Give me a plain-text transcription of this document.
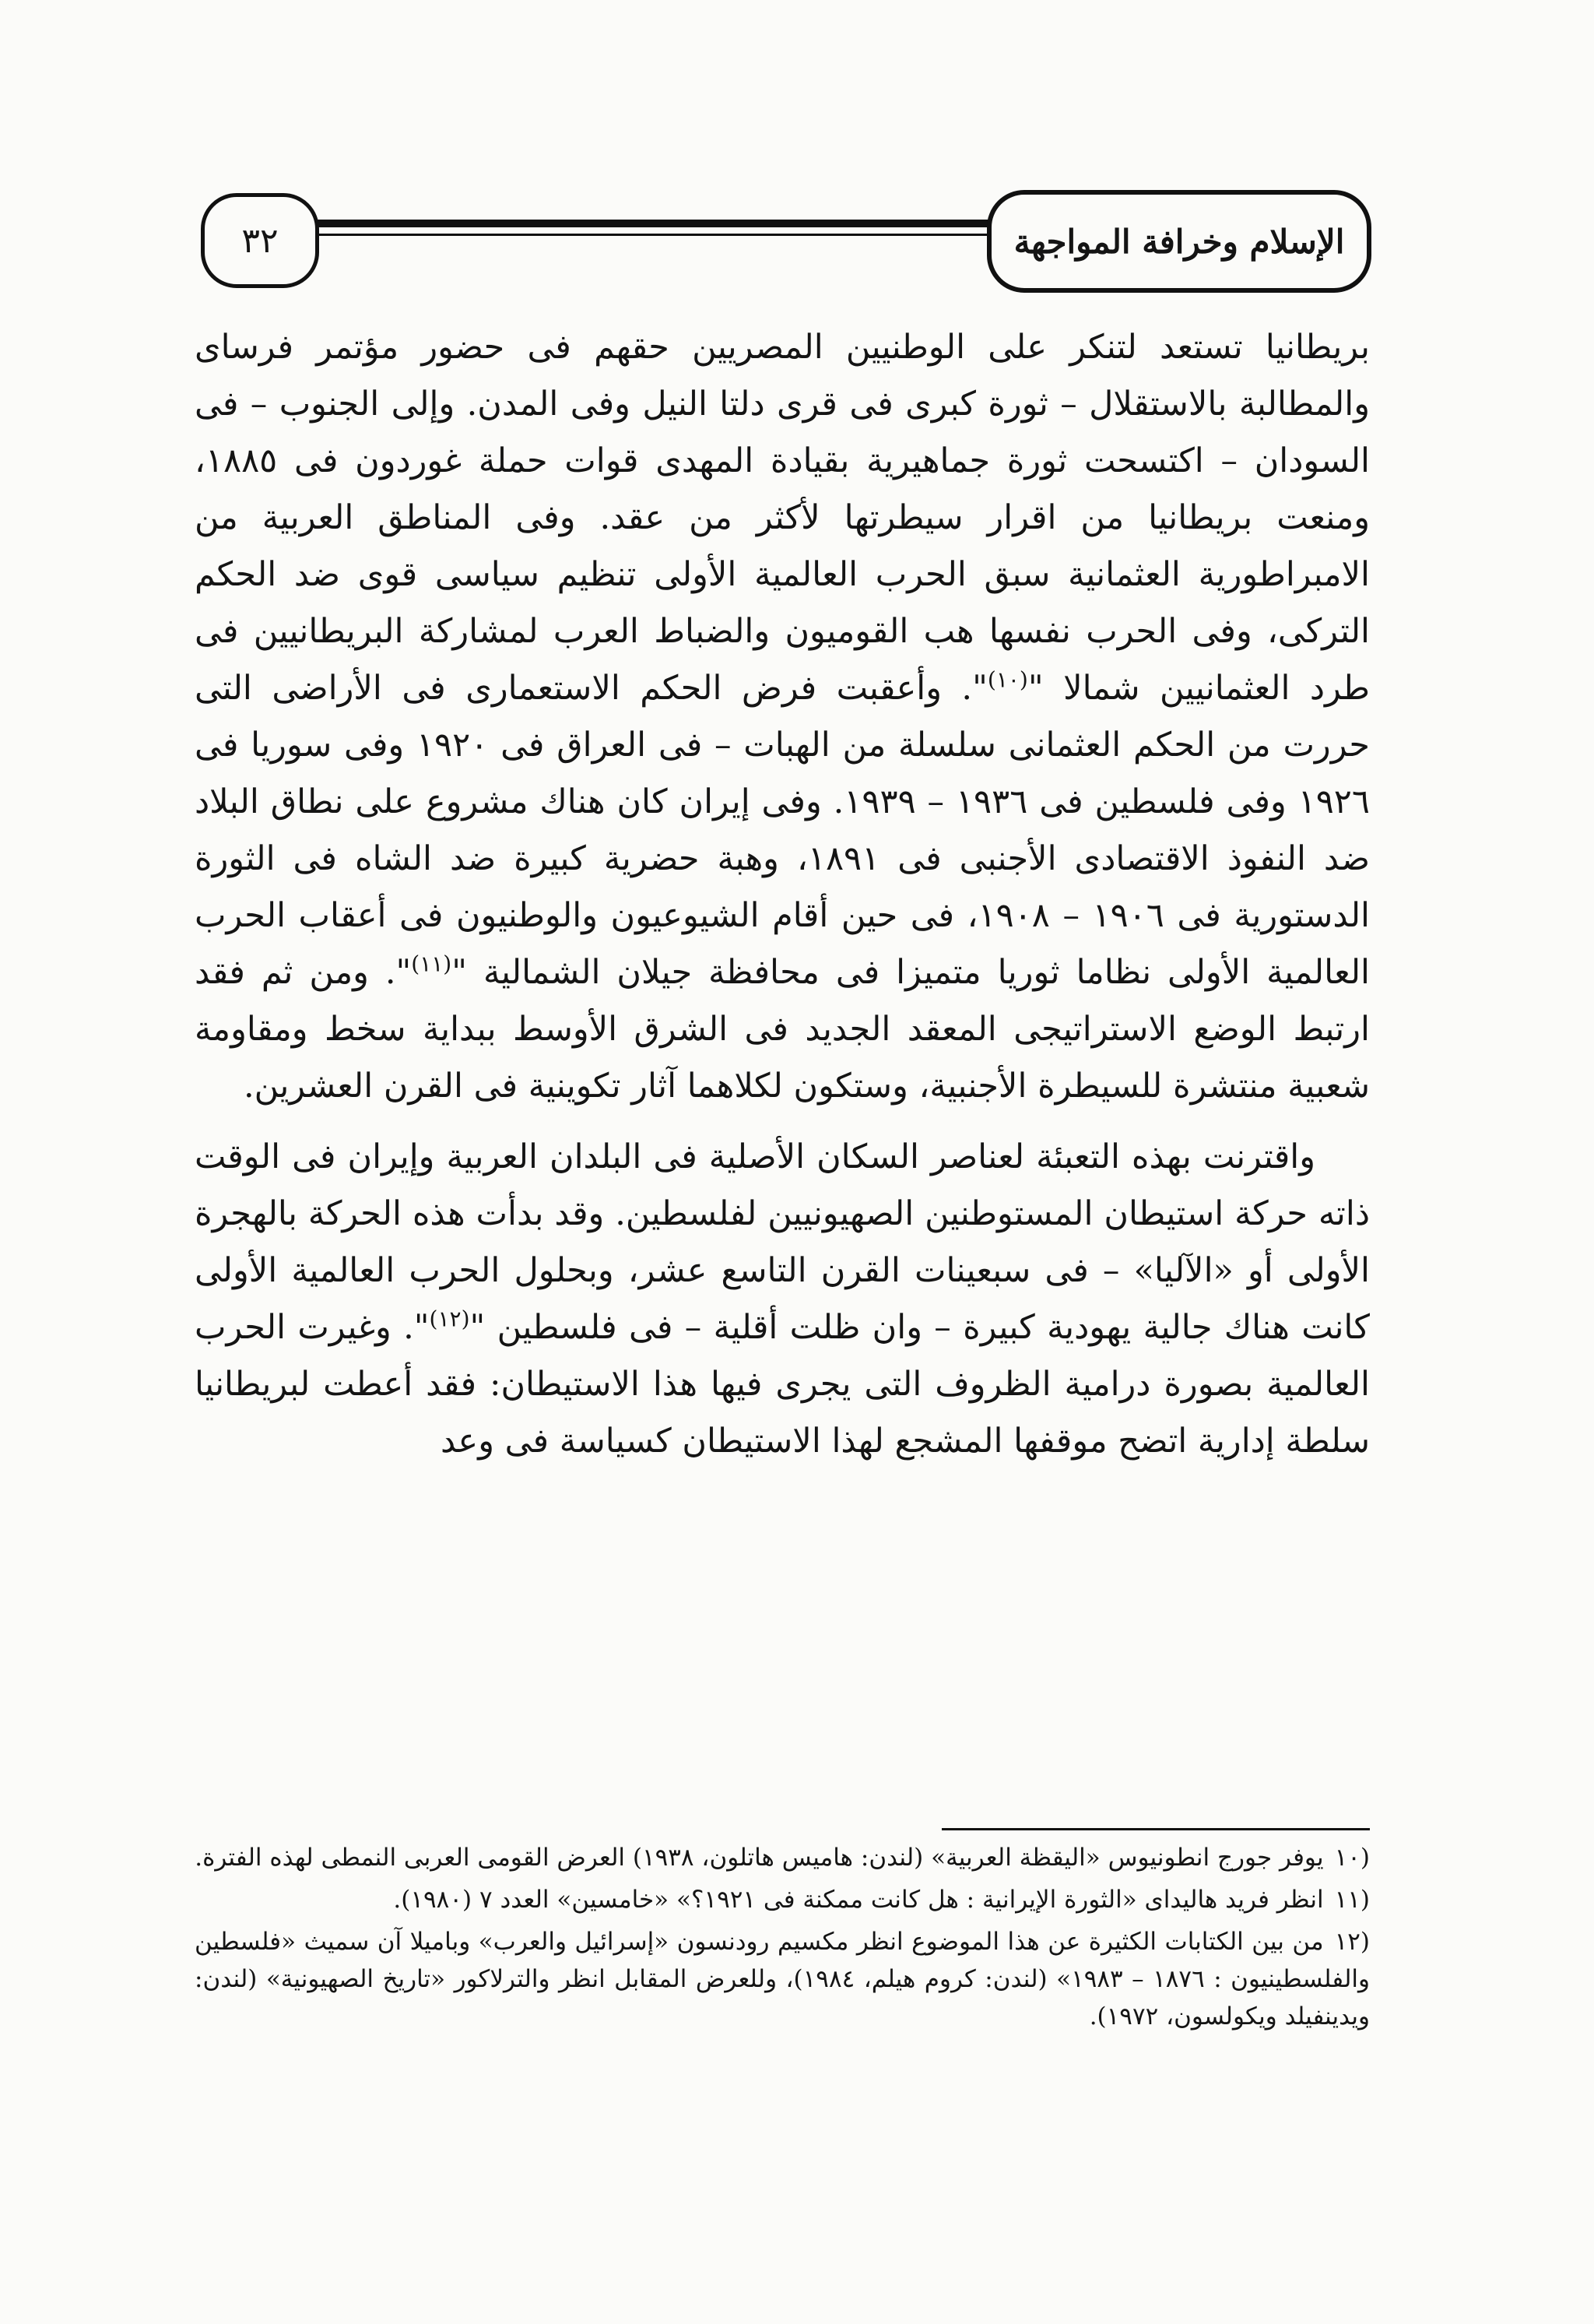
٣٢	الإسلام وخرافة المواجهة

بريطانيا تستعد لتنكر على الوطنيين المصريين حقهم فى حضور مؤتمر فرساى والمطالبة بالاستقلال – ثورة كبرى فى قرى دلتا النيل وفى المدن. وإلى الجنوب – فى السودان – اكتسحت ثورة جماهيرية بقيادة المهدى قوات حملة غوردون فى ١٨٨٥، ومنعت بريطانيا من اقرار سيطرتها لأكثر من عقد. وفى المناطق العربية من الامبراطورية العثمانية سبق الحرب العالمية الأولى تنظيم سياسى قوى ضد الحكم التركى، وفى الحرب نفسها هب القوميون والضباط العرب لمشاركة البريطانيين فى طرد العثمانيين شمالا "$^{(١٠)}$". وأعقبت فرض الحكم الاستعمارى فى الأراضى التى حررت من الحكم العثمانى سلسلة من الهبات – فى العراق فى ١٩٢٠ وفى سوريا فى ١٩٢٦ وفى فلسطين فى ١٩٣٦ – ١٩٣٩. وفى إيران كان هناك مشروع على نطاق البلاد ضد النفوذ الاقتصادى الأجنبى فى ١٨٩١، وهبة حضرية كبيرة ضد الشاه فى الثورة الدستورية فى ١٩٠٦ – ١٩٠٨، فى حين أقام الشيوعيون والوطنيون فى أعقاب الحرب العالمية الأولى نظاما ثوريا متميزا فى محافظة جيلان الشمالية "$^{(١١)}$". ومن ثم فقد ارتبط الوضع الاستراتيجى المعقد الجديد فى الشرق الأوسط ببداية سخط ومقاومة شعبية منتشرة للسيطرة الأجنبية، وستكون لكلاهما آثار تكوينية فى القرن العشرين.

واقترنت بهذه التعبئة لعناصر السكان الأصلية فى البلدان العربية وإيران فى الوقت ذاته حركة استيطان المستوطنين الصهيونيين لفلسطين. وقد بدأت هذه الحركة بالهجرة الأولى أو «الآليا» – فى سبعينات القرن التاسع عشر، وبحلول الحرب العالمية الأولى كانت هناك جالية يهودية كبيرة – وان ظلت أقلية – فى فلسطين "$^{(١٢)}$". وغيرت الحرب العالمية بصورة درامية الظروف التى يجرى فيها هذا الاستيطان: فقد أعطت لبريطانيا سلطة إدارية اتضح موقفها المشجع لهذا الاستيطان كسياسة فى وعد

(١٠يوفر جورج انطونيوس «اليقظة العربية» (لندن: هاميس هاتلون، ١٩٣٨) العرض القومى العربى النمطى لهذه الفترة.

(١١انظر فريد هاليداى «الثورة الإيرانية : هل كانت ممكنة فى ١٩٢١؟» «خامسين» العدد ٧ (١٩٨٠).

(١٢من بين الكتابات الكثيرة عن هذا الموضوع انظر مكسيم رودنسون «إسرائيل والعرب» وباميلا آن سميث «فلسطين والفلسطينيون : ١٨٧٦ – ١٩٨٣» (لندن: كروم هيلم، ١٩٨٤)، وللعرض المقابل انظر والترلاكور «تاريخ الصهيونية» (لندن: ويدينفيلد ويكولسون، ١٩٧٢).
